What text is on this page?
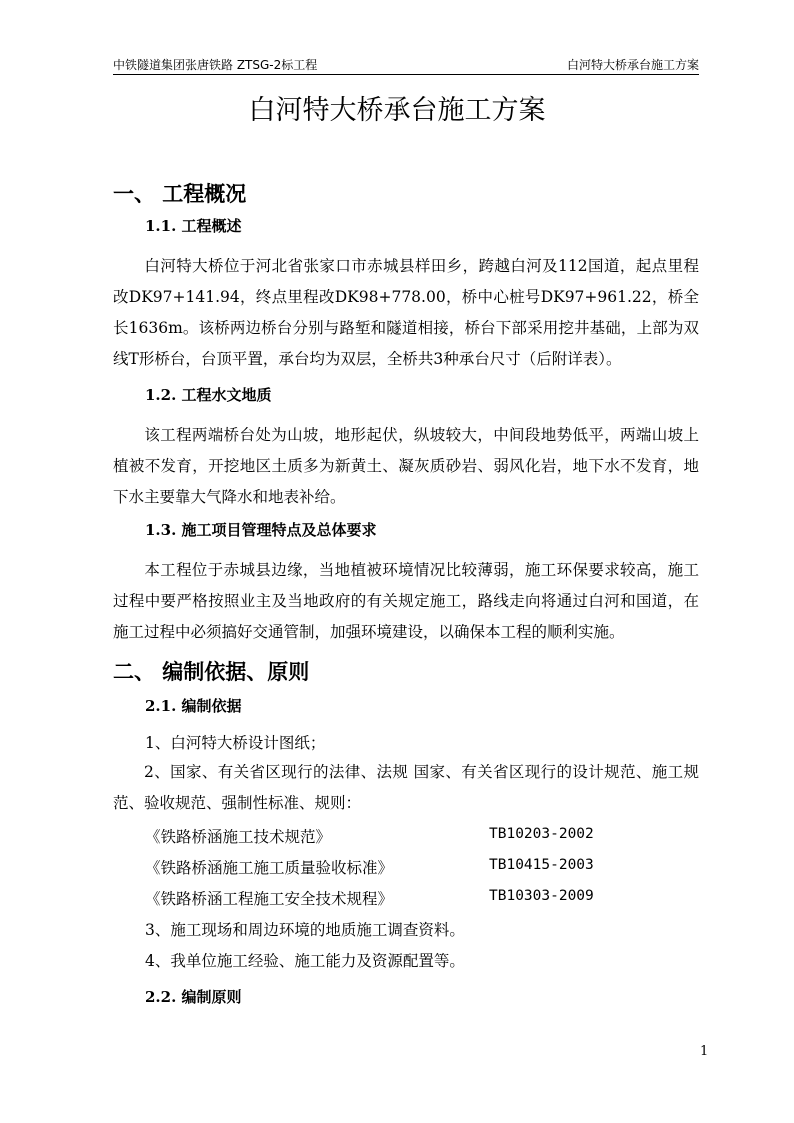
中铁隧道集团张唐铁路 ZTSG-2标工程	白河特大桥承台施工方案
白河特大桥承台施工方案
一、 工程概况
1.1. 工程概述
白河特大桥位于河北省张家口市赤城县样田乡，跨越白河及112国道，起点里程改DK97+141.94，终点里程改DK98+778.00，桥中心桩号DK97+961.22，桥全长1636m。该桥两边桥台分别与路堑和隧道相接，桥台下部采用挖井基础，上部为双线T形桥台，台顶平置，承台均为双层，全桥共3种承台尺寸（后附详表）。
1.2. 工程水文地质
该工程两端桥台处为山坡，地形起伏，纵坡较大，中间段地势低平，两端山坡上植被不发育，开挖地区土质多为新黄土、凝灰质砂岩、弱风化岩，地下水不发育，地下水主要靠大气降水和地表补给。
1.3. 施工项目管理特点及总体要求
本工程位于赤城县边缘，当地植被环境情况比较薄弱，施工环保要求较高，施工过程中要严格按照业主及当地政府的有关规定施工，路线走向将通过白河和国道，在施工过程中必须搞好交通管制，加强环境建设，以确保本工程的顺利实施。
二、 编制依据、原则
2.1. 编制依据
1、白河特大桥设计图纸；
2、国家、有关省区现行的法律、法规 国家、有关省区现行的设计规范、施工规范、验收规范、强制性标准、规则：
《铁路桥涵施工技术规范》	TB10203-2002
《铁路桥涵施工施工质量验收标准》	TB10415-2003
《铁路桥涵工程施工安全技术规程》	TB10303-2009
3、施工现场和周边环境的地质施工调查资料。
4、我单位施工经验、施工能力及资源配置等。
2.2. 编制原则
1
